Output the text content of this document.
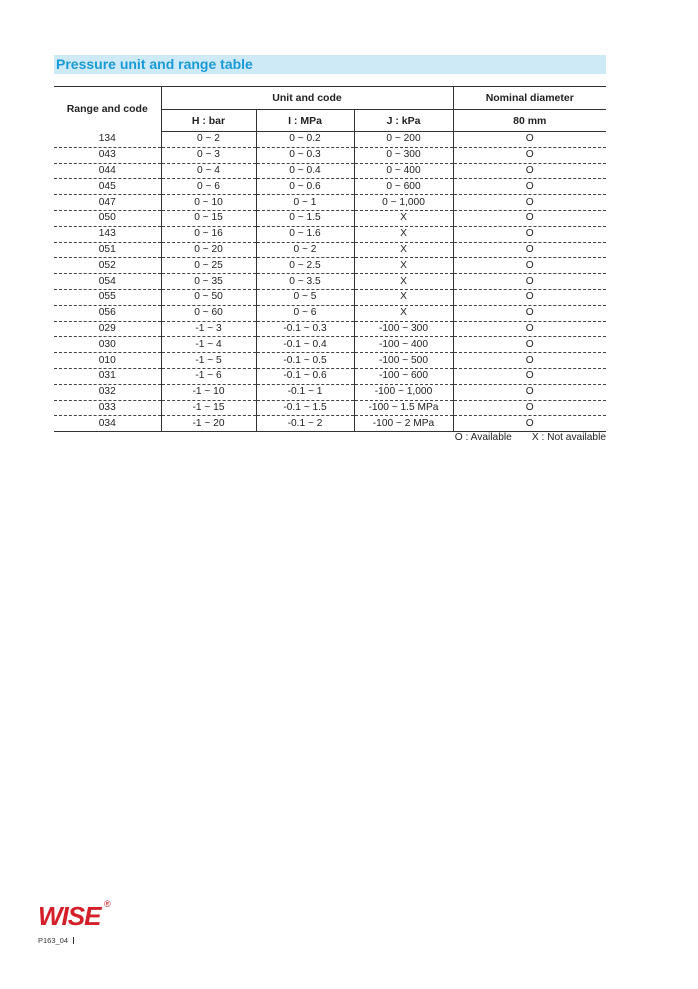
Pressure unit and range table
Range and code	Unit and code			Nominal diameter
	H : bar	I : MPa	J : kPa	80 mm
134	0 ~ 2	0 ~ 0.2	0 ~ 200	O
043	0 ~ 3	0 ~ 0.3	0 ~ 300	O
044	0 ~ 4	0 ~ 0.4	0 ~ 400	O
045	0 ~ 6	0 ~ 0.6	0 ~ 600	O
047	0 ~ 10	0 ~ 1	0 ~ 1,000	O
050	0 ~ 15	0 ~ 1.5	X	O
143	0 ~ 16	0 ~ 1.6	X	O
051	0 ~ 20	0 ~ 2	X	O
052	0 ~ 25	0 ~ 2.5	X	O
054	0 ~ 35	0 ~ 3.5	X	O
055	0 ~ 50	0 ~ 5	X	O
056	0 ~ 60	0 ~ 6	X	O
029	-1 ~ 3	-0.1 ~ 0.3	-100 ~ 300	O
030	-1 ~ 4	-0.1 ~ 0.4	-100 ~ 400	O
010	-1 ~ 5	-0.1 ~ 0.5	-100 ~ 500	O
031	-1 ~ 6	-0.1 ~ 0.6	-100 ~ 600	O
032	-1 ~ 10	-0.1 ~ 1	-100 ~ 1,000	O
033	-1 ~ 15	-0.1 ~ 1.5	-100 ~ 1.5 MPa	O
034	-1 ~ 20	-0.1 ~ 2	-100 ~ 2 MPa	O
O : Available X : Not available
WISE ®
P163_04
